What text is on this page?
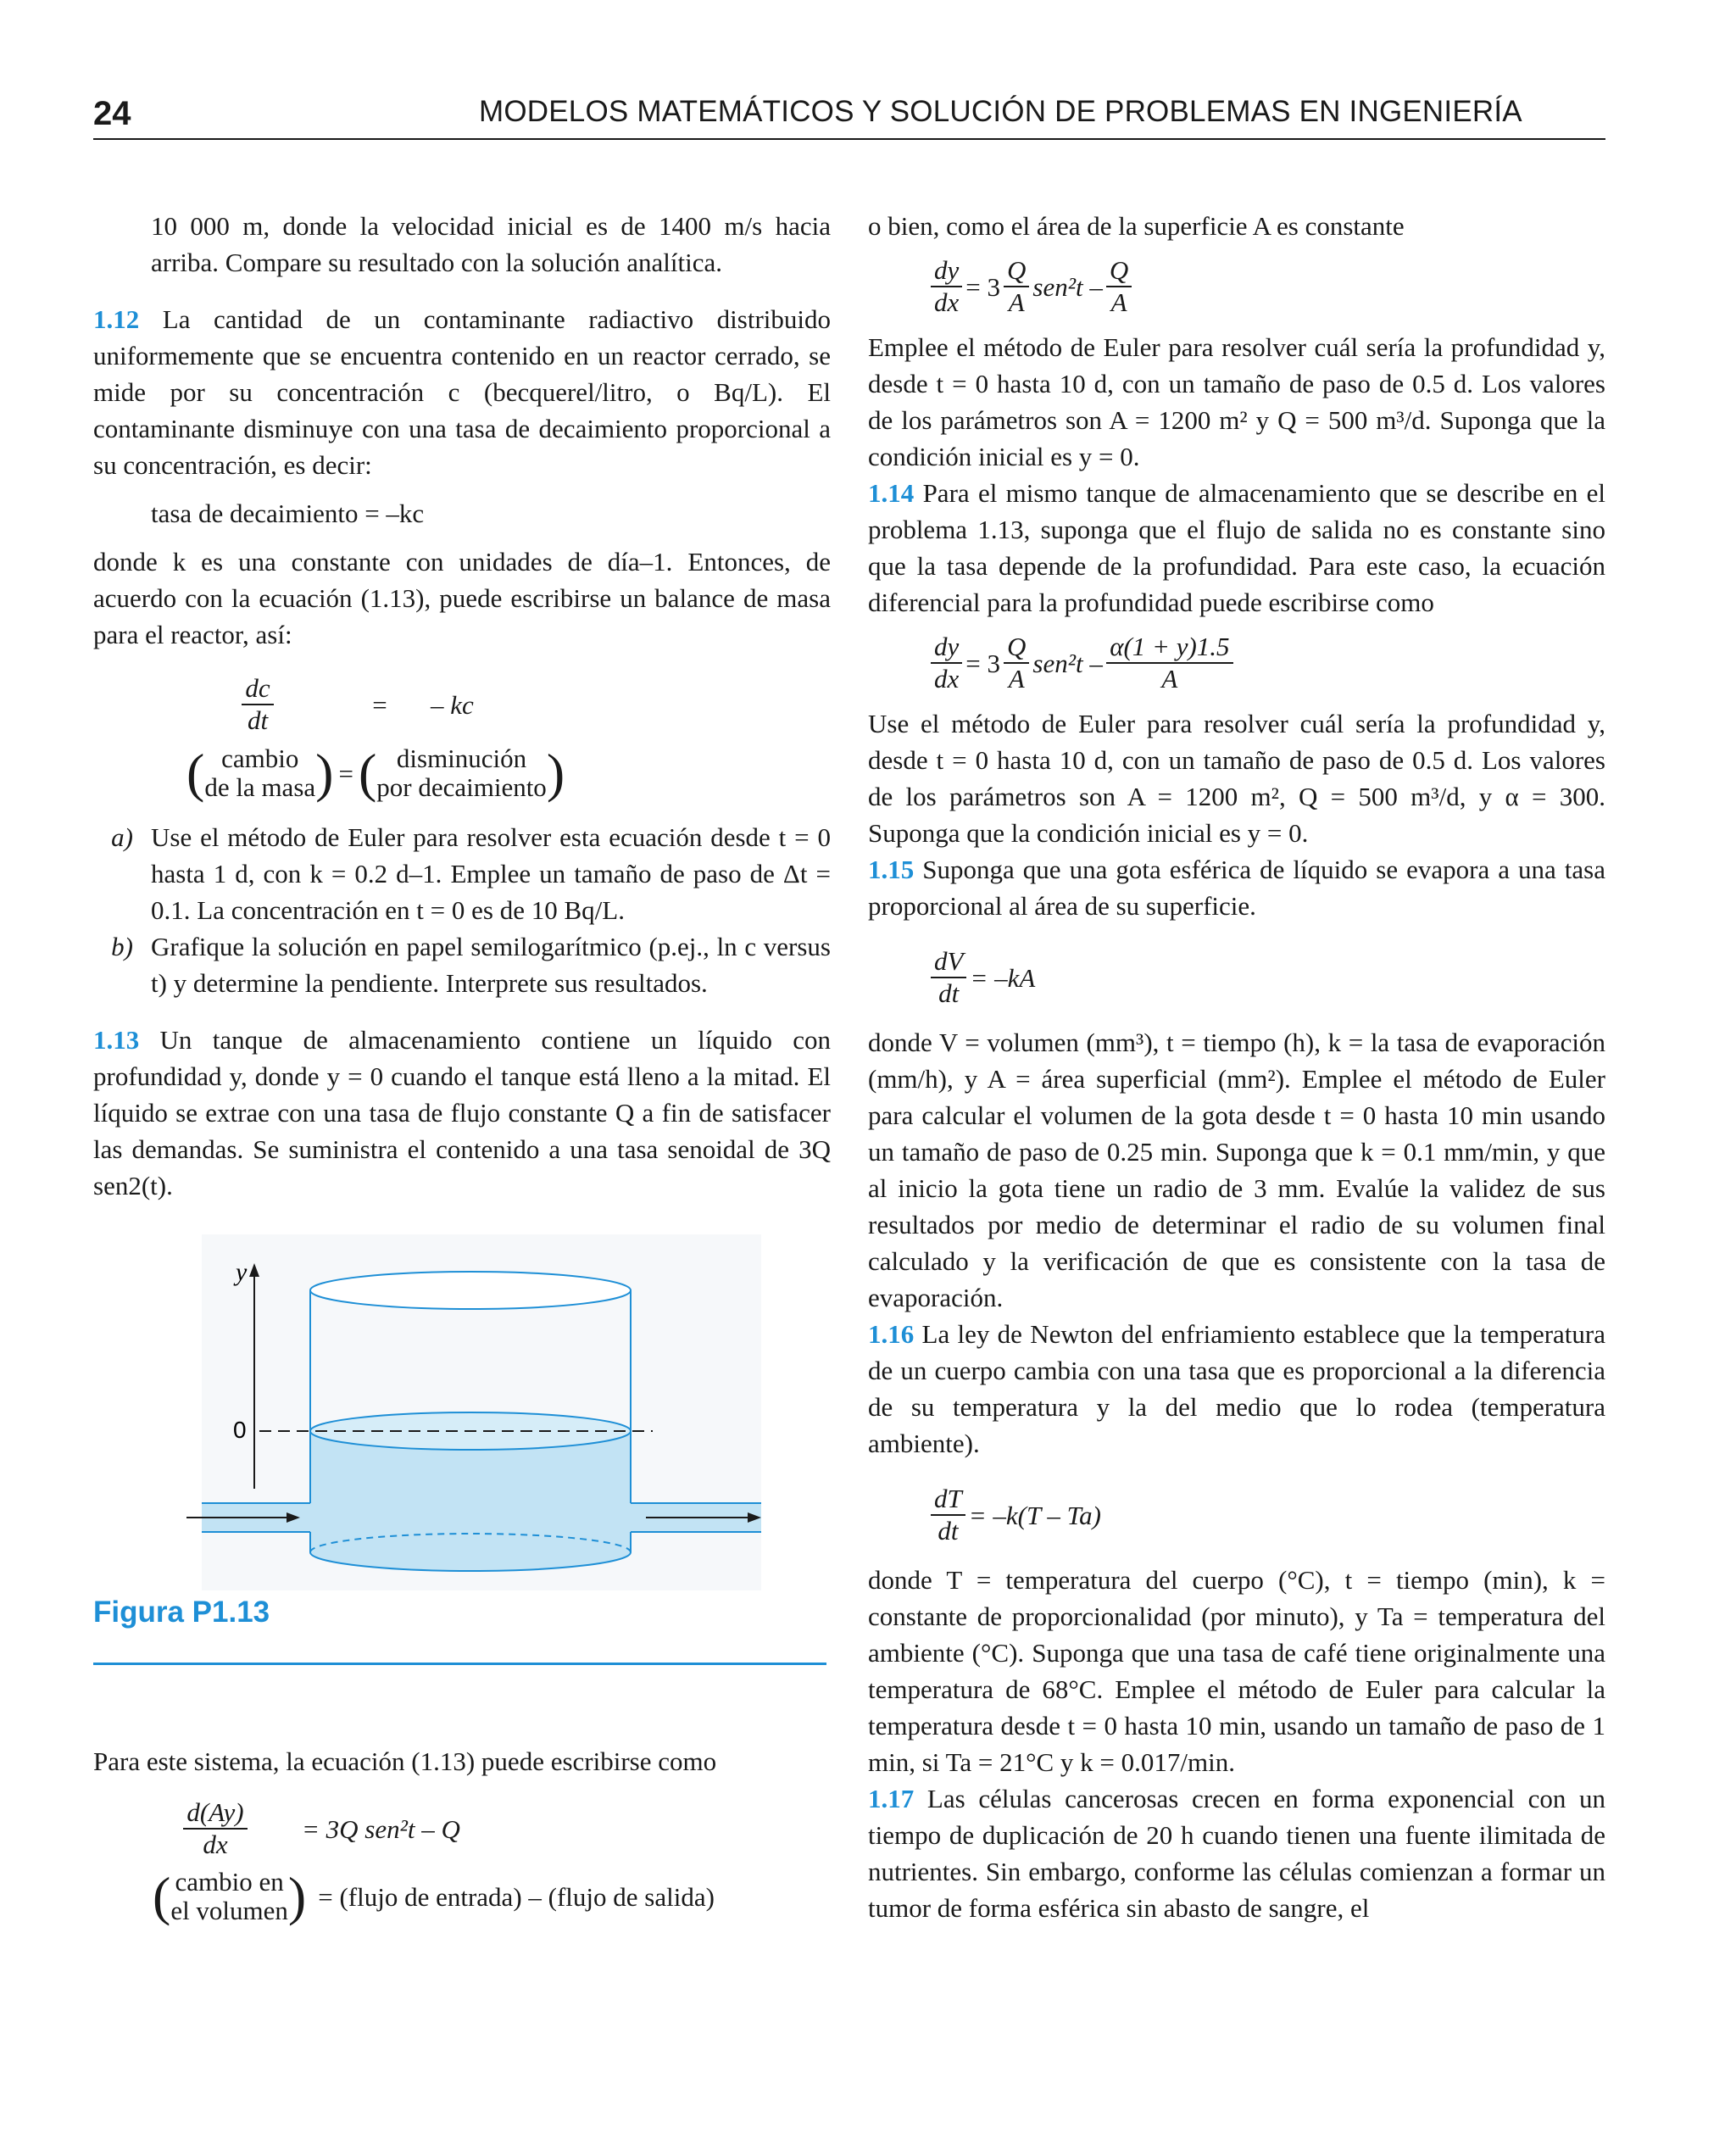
24	MODELOS MATEMÁTICOS Y SOLUCIÓN DE PROBLEMAS EN INGENIERÍA

10 000 m, donde la velocidad inicial es de 1400 m/s hacia arriba. Compare su resultado con la solución analítica.

1.12 La cantidad de un contaminante radiactivo distribuido uniformemente que se encuentra contenido en un reactor cerrado, se mide por su concentración c (becquerel/litro, o Bq/L). El contaminante disminuye con una tasa de decaimiento proporcional a su concentración, es decir:

tasa de decaimiento = –kc

donde k es una constante con unidades de día–1. Entonces, de acuerdo con la ecuación (1.13), puede escribirse un balance de masa para el reactor, así:

$\frac{dc}{dt}$	=	– kc
( cambio
de la masa ) = ( disminución
por decaimiento )
a) Use el método de Euler para resolver esta ecuación desde t = 0 hasta 1 d, con k = 0.2 d–1. Emplee un tamaño de paso de Δt = 0.1. La concentración en t = 0 es de 10 Bq/L.
b) Grafique la solución en papel semilogarítmico (p.ej., ln c versus t) y determine la pendiente. Interprete sus resultados.

1.13 Un tanque de almacenamiento contiene un líquido con profundidad y, donde y = 0 cuando el tanque está lleno a la mitad. El líquido se extrae con una tasa de flujo constante Q a fin de satisfacer las demandas. Se suministra el contenido a una tasa senoidal de 3Q sen2(t).

y
0
Figura P1.13

Para este sistema, la ecuación (1.13) puede escribirse como

$\frac{d(Ay)}{dx} = 3Q$ sen²t – Q
( cambio en
el volumen ) = (flujo de entrada) – (flujo de salida)

o bien, como el área de la superficie A es constante

$\frac{dy}{dx} = 3 \frac{Q}{A} sen^2t - \frac{Q}{A}$

Emplee el método de Euler para resolver cuál sería la profundidad y, desde t = 0 hasta 10 d, con un tamaño de paso de 0.5 d. Los valores de los parámetros son A = 1200 m² y Q = 500 m³/d. Suponga que la condición inicial es y = 0.

1.14 Para el mismo tanque de almacenamiento que se describe en el problema 1.13, suponga que el flujo de salida no es constante sino que la tasa depende de la profundidad. Para este caso, la ecuación diferencial para la profundidad puede escribirse como

$\frac{dy}{dx} = 3 \frac{Q}{A} sen^2t - \frac{\alpha(1 + y)1.5}{A}$

Use el método de Euler para resolver cuál sería la profundidad y, desde t = 0 hasta 10 d, con un tamaño de paso de 0.5 d. Los valores de los parámetros son A = 1200 m², Q = 500 m³/d, y α = 300. Suponga que la condición inicial es y = 0.

1.15 Suponga que una gota esférica de líquido se evapora a una tasa proporcional al área de su superficie.

$\frac{dV}{dt} = -kA$

donde V = volumen (mm³), t = tiempo (h), k = la tasa de evaporación (mm/h), y A = área superficial (mm²). Emplee el método de Euler para calcular el volumen de la gota desde t = 0 hasta 10 min usando un tamaño de paso de 0.25 min. Suponga que k = 0.1 mm/min, y que al inicio la gota tiene un radio de 3 mm. Evalúe la validez de sus resultados por medio de determinar el radio de su volumen final calculado y la verificación de que es consistente con la tasa de evaporación.

1.16 La ley de Newton del enfriamiento establece que la temperatura de un cuerpo cambia con una tasa que es proporcional a la diferencia de su temperatura y la del medio que lo rodea (temperatura ambiente).

$\frac{dT}{dt} = -k(T - Ta)$

donde T = temperatura del cuerpo (°C), t = tiempo (min), k = constante de proporcionalidad (por minuto), y Ta = temperatura del ambiente (°C). Suponga que una tasa de café tiene originalmente una temperatura de 68°C. Emplee el método de Euler para calcular la temperatura desde t = 0 hasta 10 min, usando un tamaño de paso de 1 min, si Ta = 21°C y k = 0.017/min.

1.17 Las células cancerosas crecen en forma exponencial con un tiempo de duplicación de 20 h cuando tienen una fuente ilimitada de nutrientes. Sin embargo, conforme las células comienzan a formar un tumor de forma esférica sin abasto de sangre, el
